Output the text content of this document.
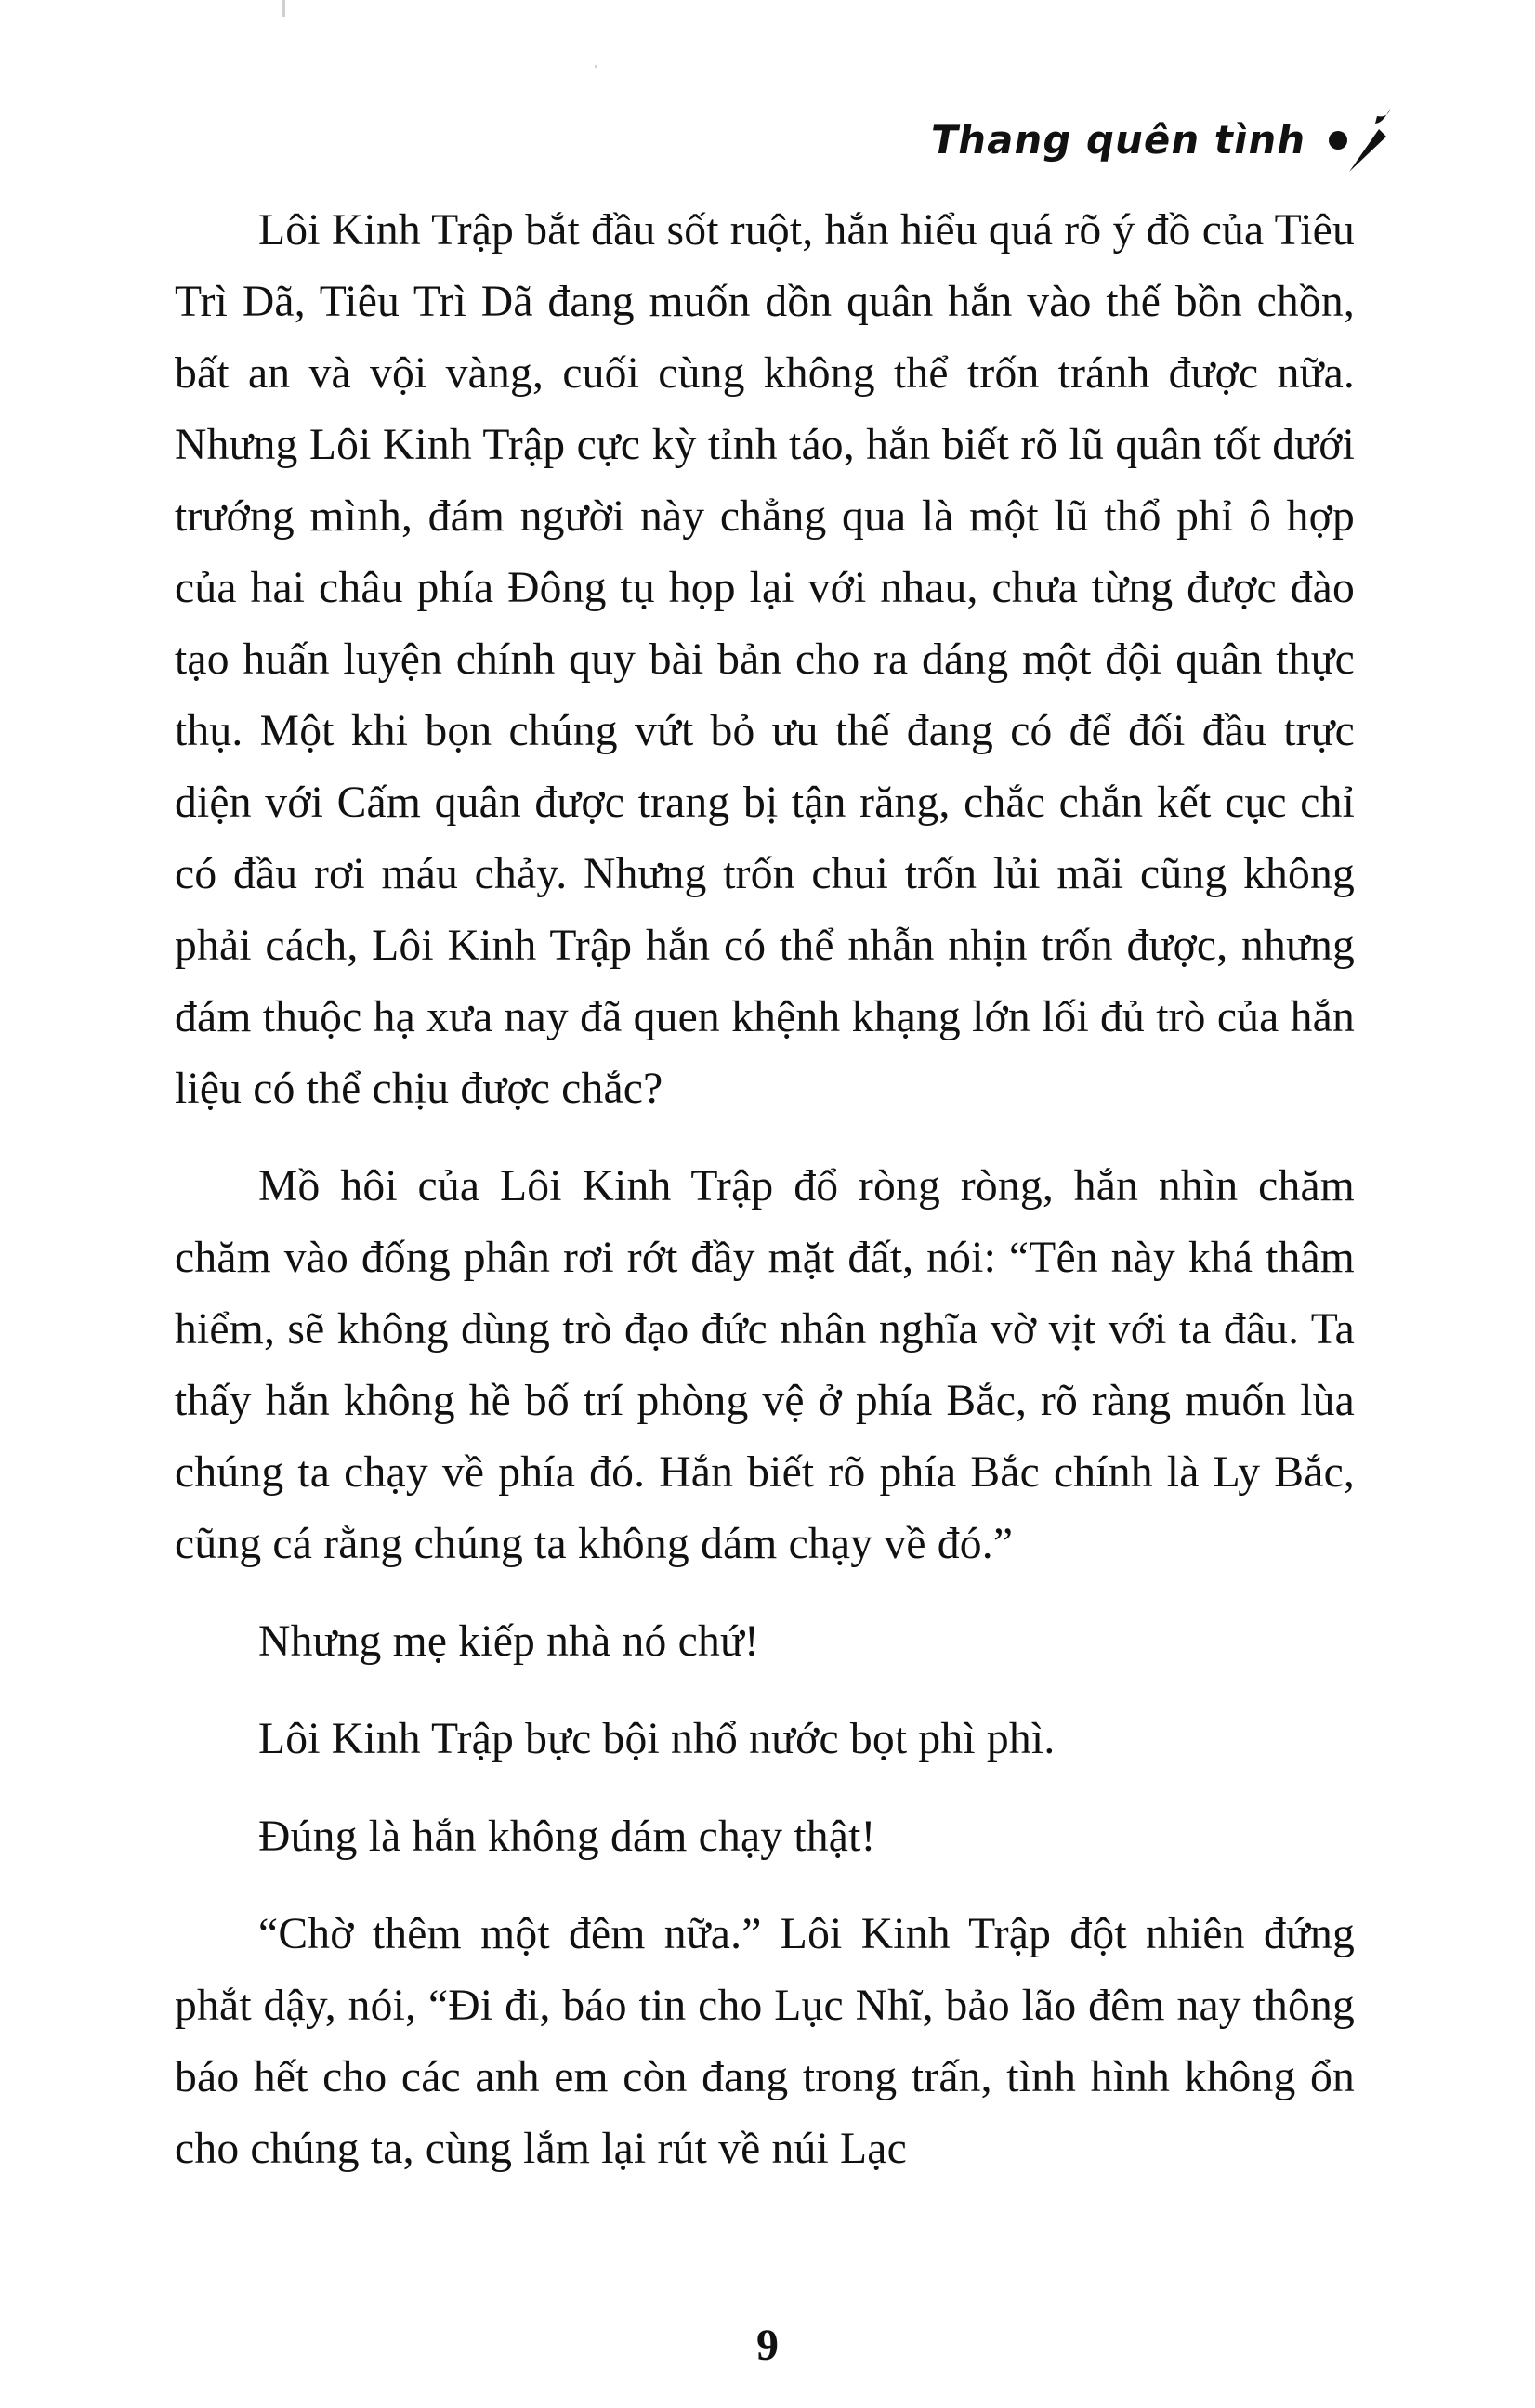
Thang quên tình

Lôi Kinh Trập bắt đầu sốt ruột, hắn hiểu quá rõ ý đồ của Tiêu Trì Dã, Tiêu Trì Dã đang muốn dồn quân hắn vào thế bồn chồn, bất an và vội vàng, cuối cùng không thể trốn tránh được nữa. Nhưng Lôi Kinh Trập cực kỳ tỉnh táo, hắn biết rõ lũ quân tốt dưới trướng mình, đám người này chẳng qua là một lũ thổ phỉ ô hợp của hai châu phía Đông tụ họp lại với nhau, chưa từng được đào tạo huấn luyện chính quy bài bản cho ra dáng một đội quân thực thụ. Một khi bọn chúng vứt bỏ ưu thế đang có để đối đầu trực diện với Cấm quân được trang bị tận răng, chắc chắn kết cục chỉ có đầu rơi máu chảy. Nhưng trốn chui trốn lủi mãi cũng không phải cách, Lôi Kinh Trập hắn có thể nhẫn nhịn trốn được, nhưng đám thuộc hạ xưa nay đã quen khệnh khạng lớn lối đủ trò của hắn liệu có thể chịu được chắc?

Mồ hôi của Lôi Kinh Trập đổ ròng ròng, hắn nhìn chăm chăm vào đống phân rơi rớt đầy mặt đất, nói: “Tên này khá thâm hiểm, sẽ không dùng trò đạo đức nhân nghĩa vờ vịt với ta đâu. Ta thấy hắn không hề bố trí phòng vệ ở phía Bắc, rõ ràng muốn lùa chúng ta chạy về phía đó. Hắn biết rõ phía Bắc chính là Ly Bắc, cũng cá rằng chúng ta không dám chạy về đó.”

Nhưng mẹ kiếp nhà nó chứ!

Lôi Kinh Trập bực bội nhổ nước bọt phì phì.

Đúng là hắn không dám chạy thật!

“Chờ thêm một đêm nữa.” Lôi Kinh Trập đột nhiên đứng phắt dậy, nói, “Đi đi, báo tin cho Lục Nhĩ, bảo lão đêm nay thông báo hết cho các anh em còn đang trong trấn, tình hình không ổn cho chúng ta, cùng lắm lại rút về núi Lạc

9
